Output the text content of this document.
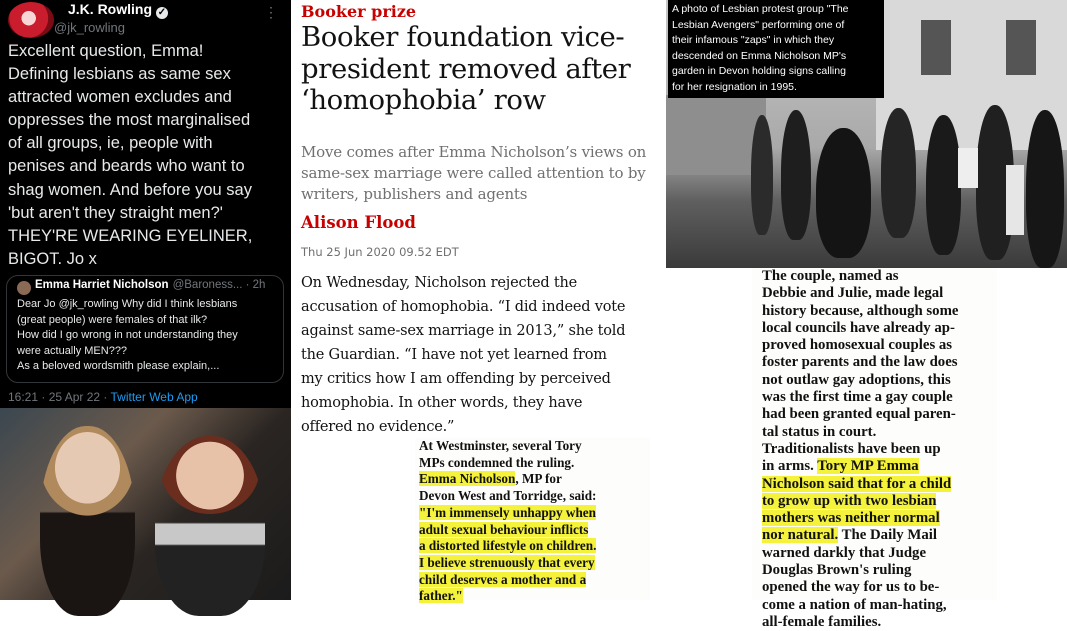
J.K. Rowling ✓
@jk_rowling
⋮
Excellent question, Emma!
Defining lesbians as same sex
attracted women excludes and
oppresses the most marginalised
of all groups, ie, people with
penises and beards who want to
shag women. And before you say
'but aren't they straight men?'
THEY'RE WEARING EYELINER,
BIGOT. Jo x
Emma Harriet Nicholson @Baroness... · 2h
Dear Jo @jk_rowling Why did I think lesbians
(great people) were females of that ilk?
How did I go wrong in not understanding they
were actually MEN???
As a beloved wordsmith please explain,...
16:21 · 25 Apr 22 · Twitter Web App
Booker prize
Booker foundation vice-
president removed after
‘homophobia’ row
Move comes after Emma Nicholson’s views on
same-sex marriage were called attention to by
writers, publishers and agents
Alison Flood
Thu 25 Jun 2020 09.52 EDT
On Wednesday, Nicholson rejected the
accusation of homophobia. “I did indeed vote
against same-sex marriage in 2013,” she told
the Guardian. “I have not yet learned from
my critics how I am offending by perceived
homophobia. In other words, they have
offered no evidence.”
A photo of Lesbian protest group "The
Lesbian Avengers" performing one of
their infamous "zaps" in which they
descended on Emma Nicholson MP's
garden in Devon holding signs calling
for her resignation in 1995.
At Westminster, several Tory
MPs condemned the ruling.
Emma Nicholson, MP for
Devon West and Torridge, said:
"I'm immensely unhappy when
adult sexual behaviour inflicts
a distorted lifestyle on children.
I believe strenuously that every
child deserves a mother and a
father."
The couple, named as
Debbie and Julie, made legal
history because, although some
local councils have already ap-
proved homosexual couples as
foster parents and the law does
not outlaw gay adoptions, this
was the first time a gay couple
had been granted equal paren-
tal status in court.
Traditionalists have been up
in arms. Tory MP Emma
Nicholson said that for a child
to grow up with two lesbian
mothers was neither normal
nor natural. The Daily Mail
warned darkly that Judge
Douglas Brown's ruling
opened the way for us to be-
come a nation of man-hating,
all-female families.
